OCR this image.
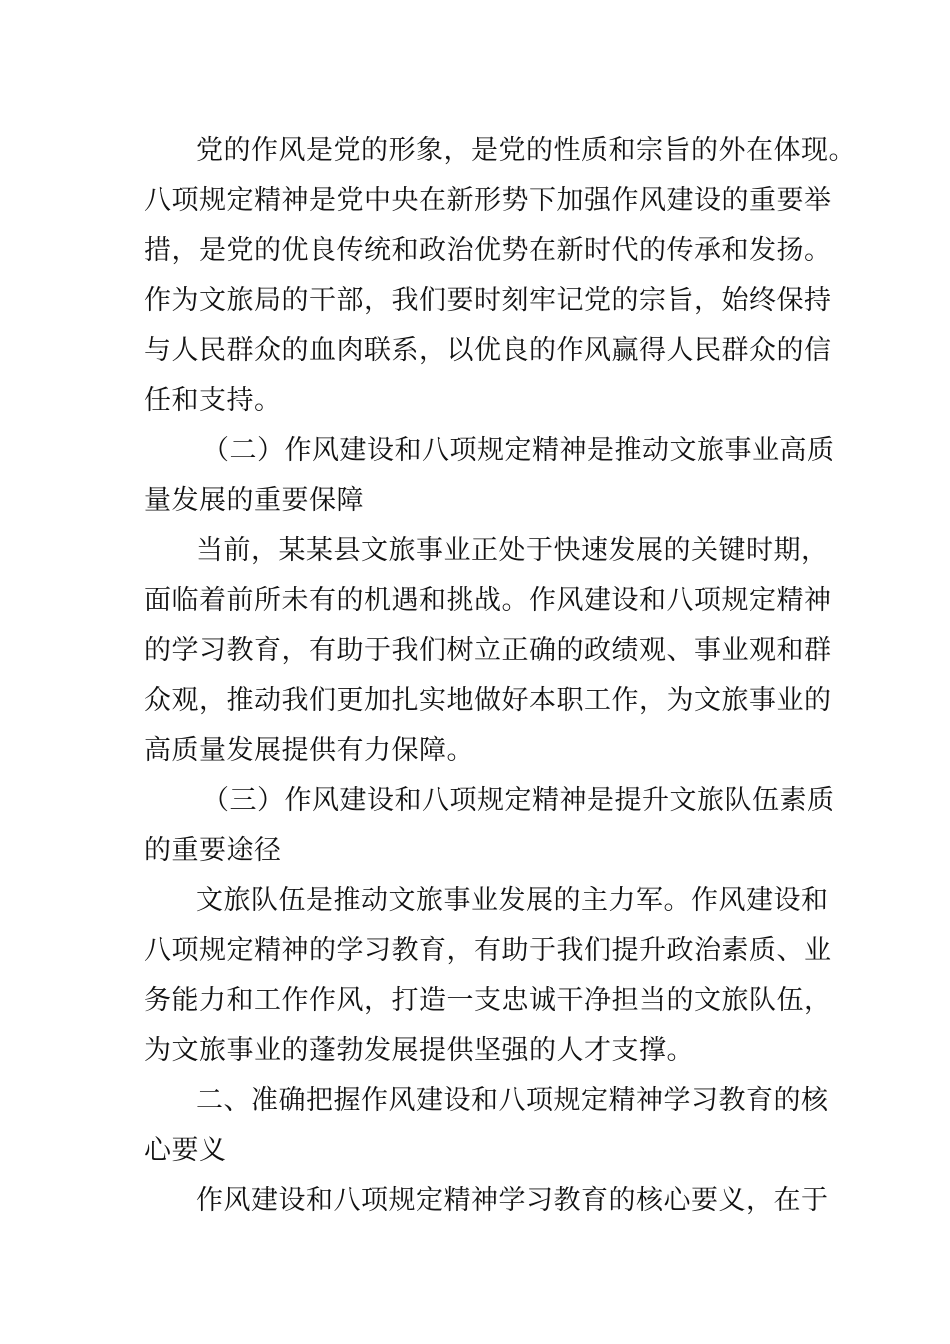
党的作风是党的形象，是党的性质和宗旨的外在体现。
八项规定精神是党中央在新形势下加强作风建设的重要举
措，是党的优良传统和政治优势在新时代的传承和发扬。
作为文旅局的干部，我们要时刻牢记党的宗旨，始终保持
与人民群众的血肉联系，以优良的作风赢得人民群众的信
任和支持。
（二）作风建设和八项规定精神是推动文旅事业高质
量发展的重要保障
当前，某某县文旅事业正处于快速发展的关键时期，
面临着前所未有的机遇和挑战。作风建设和八项规定精神
的学习教育，有助于我们树立正确的政绩观、事业观和群
众观，推动我们更加扎实地做好本职工作，为文旅事业的
高质量发展提供有力保障。
（三）作风建设和八项规定精神是提升文旅队伍素质
的重要途径
文旅队伍是推动文旅事业发展的主力军。作风建设和
八项规定精神的学习教育，有助于我们提升政治素质、业
务能力和工作作风，打造一支忠诚干净担当的文旅队伍，
为文旅事业的蓬勃发展提供坚强的人才支撑。
二、准确把握作风建设和八项规定精神学习教育的核
心要义
作风建设和八项规定精神学习教育的核心要义，在于
